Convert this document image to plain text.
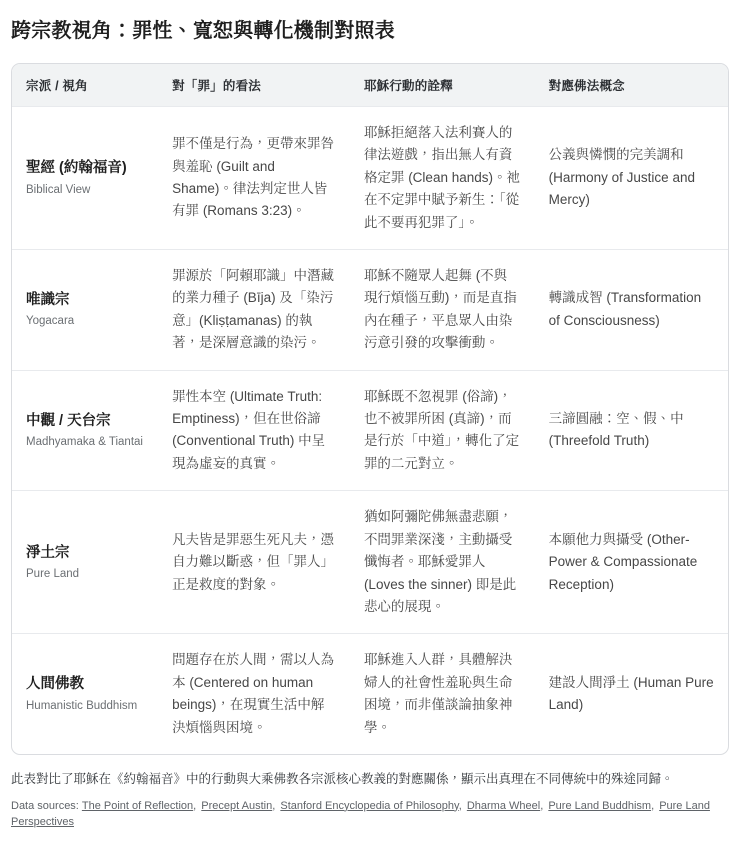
跨宗教視角：罪性、寬恕與轉化機制對照表
宗派 / 視角	對「罪」的看法	耶穌行動的詮釋	對應佛法概念

聖經 (約翰福音)
Biblical View	罪不僅是行為，更帶來罪咎與羞恥 (Guilt and Shame)。律法判定世人皆有罪 (Romans 3:23)。	耶穌拒絕落入法利賽人的律法遊戲，指出無人有資格定罪 (Clean hands)。祂在不定罪中賦予新生：「從此不要再犯罪了」。	公義與憐憫的完美調和 (Harmony of Justice and Mercy)

唯識宗
Yogacara	罪源於「阿賴耶識」中潛藏的業力種子 (Bīja) 及「染污意」(Kliṣṭamanas) 的執著，是深層意識的染污。	耶穌不隨眾人起舞 (不與現行煩惱互動)，而是直指內在種子，平息眾人由染污意引發的攻擊衝動。	轉識成智 (Transformation of Consciousness)

中觀 / 天台宗
Madhyamaka & Tiantai	罪性本空 (Ultimate Truth: Emptiness)，但在世俗諦 (Conventional Truth) 中呈現為虛妄的真實。	耶穌既不忽視罪 (俗諦)，也不被罪所困 (真諦)，而是行於「中道」，轉化了定罪的二元對立。	三諦圓融：空、假、中 (Threefold Truth)

淨土宗
Pure Land	凡夫皆是罪惡生死凡夫，憑自力難以斷惑，但「罪人」正是救度的對象。	猶如阿彌陀佛無盡悲願，不問罪業深淺，主動攝受懺悔者。耶穌愛罪人 (Loves the sinner) 即是此悲心的展現。	本願他力與攝受 (Other-Power & Compassionate Reception)

人間佛教
Humanistic Buddhism	問題存在於人間，需以人為本 (Centered on human beings)，在現實生活中解決煩惱與困境。	耶穌進入人群，具體解決婦人的社會性羞恥與生命困境，而非僅談論抽象神學。	建設人間淨土 (Human Pure Land)

此表對比了耶穌在《約翰福音》中的行動與大乘佛教各宗派核心教義的對應關係，顯示出真理在不同傳統中的殊途同歸。

Data sources: The Point of Reflection, Precept Austin, Stanford Encyclopedia of Philosophy, Dharma Wheel, Pure Land Buddhism, Pure Land Perspectives
